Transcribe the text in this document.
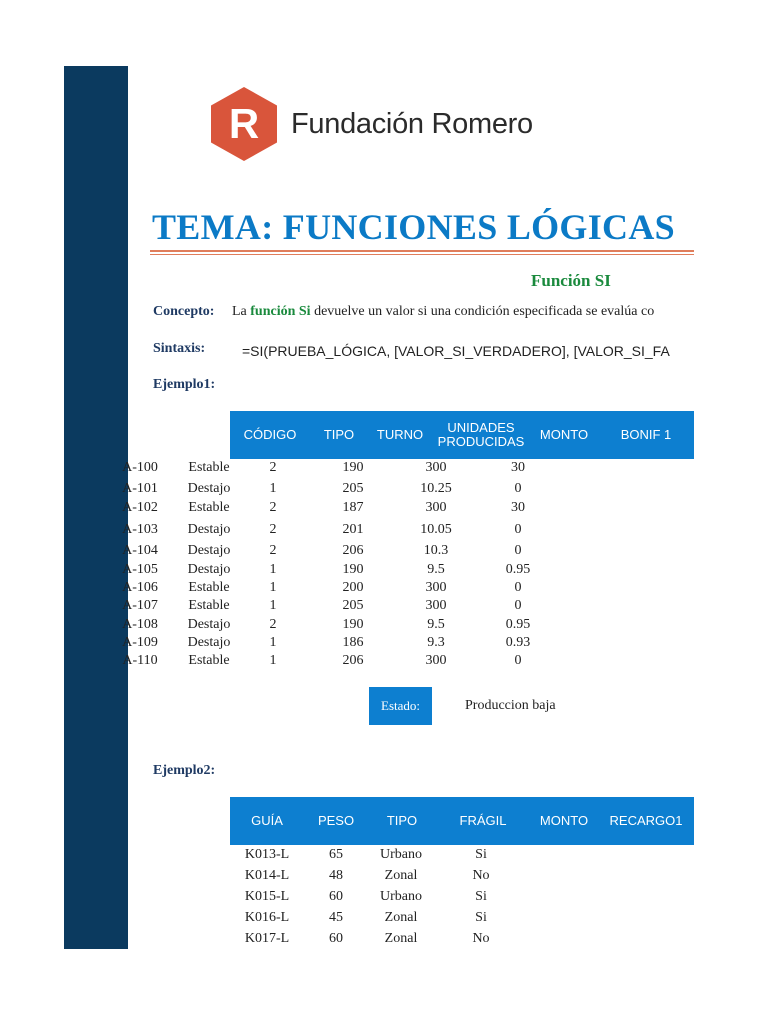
R Fundación Romero
TEMA: FUNCIONES LÓGICAS
Función SI
Concepto: La función Si devuelve un valor si una condición especificada se evalúa co
Sintaxis:	=SI(PRUEBA_LÓGICA, [VALOR_SI_VERDADERO], [VALOR_SI_FA
Ejemplo1:
CÓDIGO	TIPO	TURNO	UNIDADES PRODUCIDAS	MONTO	BONIF 1
A-100	Estable	2	190	300	30
A-101	Destajo	1	205	10.25	0
A-102	Estable	2	187	300	30
A-103	Destajo	2	201	10.05	0
A-104	Destajo	2	206	10.3	0
A-105	Destajo	1	190	9.5	0.95
A-106	Estable	1	200	300	0
A-107	Estable	1	205	300	0
A-108	Destajo	2	190	9.5	0.95
A-109	Destajo	1	186	9.3	0.93
A-110	Estable	1	206	300	0
Estado:	Produccion baja
Ejemplo2:
GUÍA	PESO	TIPO	FRÁGIL	MONTO	RECARGO1
K013-L	65	Urbano	Si
K014-L	48	Zonal	No
K015-L	60	Urbano	Si
K016-L	45	Zonal	Si
K017-L	60	Zonal	No
